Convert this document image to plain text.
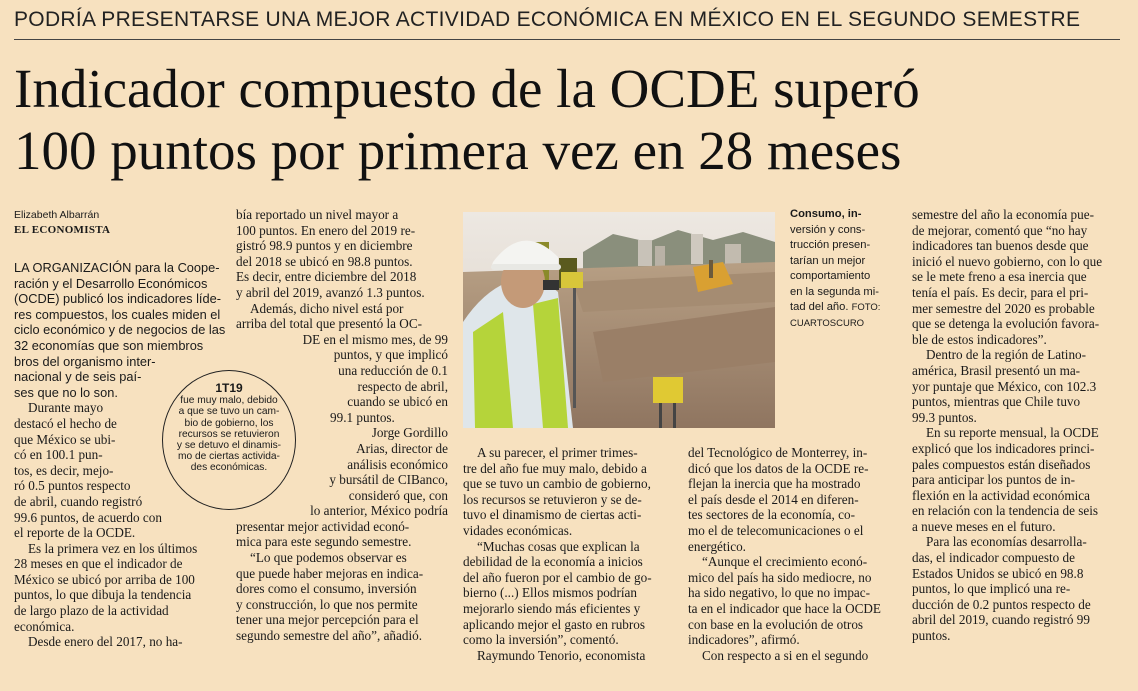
PODRÍA PRESENTARSE UNA MEJOR ACTIVIDAD ECONÓMICA EN MÉXICO EN EL SEGUNDO SEMESTRE
Indicador compuesto de la OCDE superó
100 puntos por primera vez en 28 meses
Elizabeth Albarrán
EL ECONOMISTA
LA ORGANIZACIÓN para la Coope-
ración y el Desarrollo Económicos
(OCDE) publicó los indicadores líde-
res compuestos, los cuales miden el
ciclo económico y de negocios de las
32 economías que son miembros
bros del organismo inter-
nacional y de seis paí-
ses que no lo son.
Durante mayo
destacó el hecho de
que México se ubi-
có en 100.1 pun-
tos, es decir, mejo-
ró 0.5 puntos respecto
de abril, cuando registró
99.6 puntos, de acuerdo con
el reporte de la OCDE.
Es la primera vez en los últimos
28 meses en que el indicador de
México se ubicó por arriba de 100
puntos, lo que dibuja la tendencia
de largo plazo de la actividad
económica.
Desde enero del 2017, no ha-
bía reportado un nivel mayor a
100 puntos. En enero del 2019 re-
gistró 98.9 puntos y en diciembre
del 2018 se ubicó en 98.8 puntos.
Es decir, entre diciembre del 2018
y abril del 2019, avanzó 1.3 puntos.
Además, dicho nivel está por
arriba del total que presentó la OC-
DE en el mismo mes, de 99
puntos, y que implicó
una reducción de 0.1
respecto de abril,
cuando se ubicó en
99.1 puntos.
Jorge Gordillo
Arias, director de
análisis económico
y bursátil de CIBanco,
consideró que, con
lo anterior, México podría
presentar mejor actividad econó-
mica para este segundo semestre.
“Lo que podemos observar es
que puede haber mejoras en indica-
dores como el consumo, inversión
y construcción, lo que nos permite
tener una mejor percepción para el
segundo semestre del año”, añadió.
1T19
fue muy malo, debido
a que se tuvo un cam-
bio de gobierno, los
recursos se retuvieron
y se detuvo el dinamis-
mo de ciertas activida-
des económicas.
Consumo, in-
versión y cons-
trucción presen-
tarían un mejor
comportamiento
en la segunda mi-
tad del año. FOTO:
CUARTOSCURO
A su parecer, el primer trimes-
tre del año fue muy malo, debido a
que se tuvo un cambio de gobierno,
los recursos se retuvieron y se de-
tuvo el dinamismo de ciertas acti-
vidades económicas.
“Muchas cosas que explican la
debilidad de la economía a inicios
del año fueron por el cambio de go-
bierno (...) Ellos mismos podrían
mejorarlo siendo más eficientes y
aplicando mejor el gasto en rubros
como la inversión”, comentó.
Raymundo Tenorio, economista
del Tecnológico de Monterrey, in-
dicó que los datos de la OCDE re-
flejan la inercia que ha mostrado
el país desde el 2014 en diferen-
tes sectores de la economía, co-
mo el de telecomunicaciones o el
energético.
“Aunque el crecimiento econó-
mico del país ha sido mediocre, no
ha sido negativo, lo que no impac-
ta en el indicador que hace la OCDE
con base en la evolución de otros
indicadores”, afirmó.
Con respecto a si en el segundo
semestre del año la economía pue-
de mejorar, comentó que “no hay
indicadores tan buenos desde que
inició el nuevo gobierno, con lo que
se le mete freno a esa inercia que
tenía el país. Es decir, para el pri-
mer semestre del 2020 es probable
que se detenga la evolución favora-
ble de estos indicadores”.
Dentro de la región de Latino-
américa, Brasil presentó un ma-
yor puntaje que México, con 102.3
puntos, mientras que Chile tuvo
99.3 puntos.
En su reporte mensual, la OCDE
explicó que los indicadores princi-
pales compuestos están diseñados
para anticipar los puntos de in-
flexión en la actividad económica
en relación con la tendencia de seis
a nueve meses en el futuro.
Para las economías desarrolla-
das, el indicador compuesto de
Estados Unidos se ubicó en 98.8
puntos, lo que implicó una re-
ducción de 0.2 puntos respecto de
abril del 2019, cuando registró 99
puntos.
